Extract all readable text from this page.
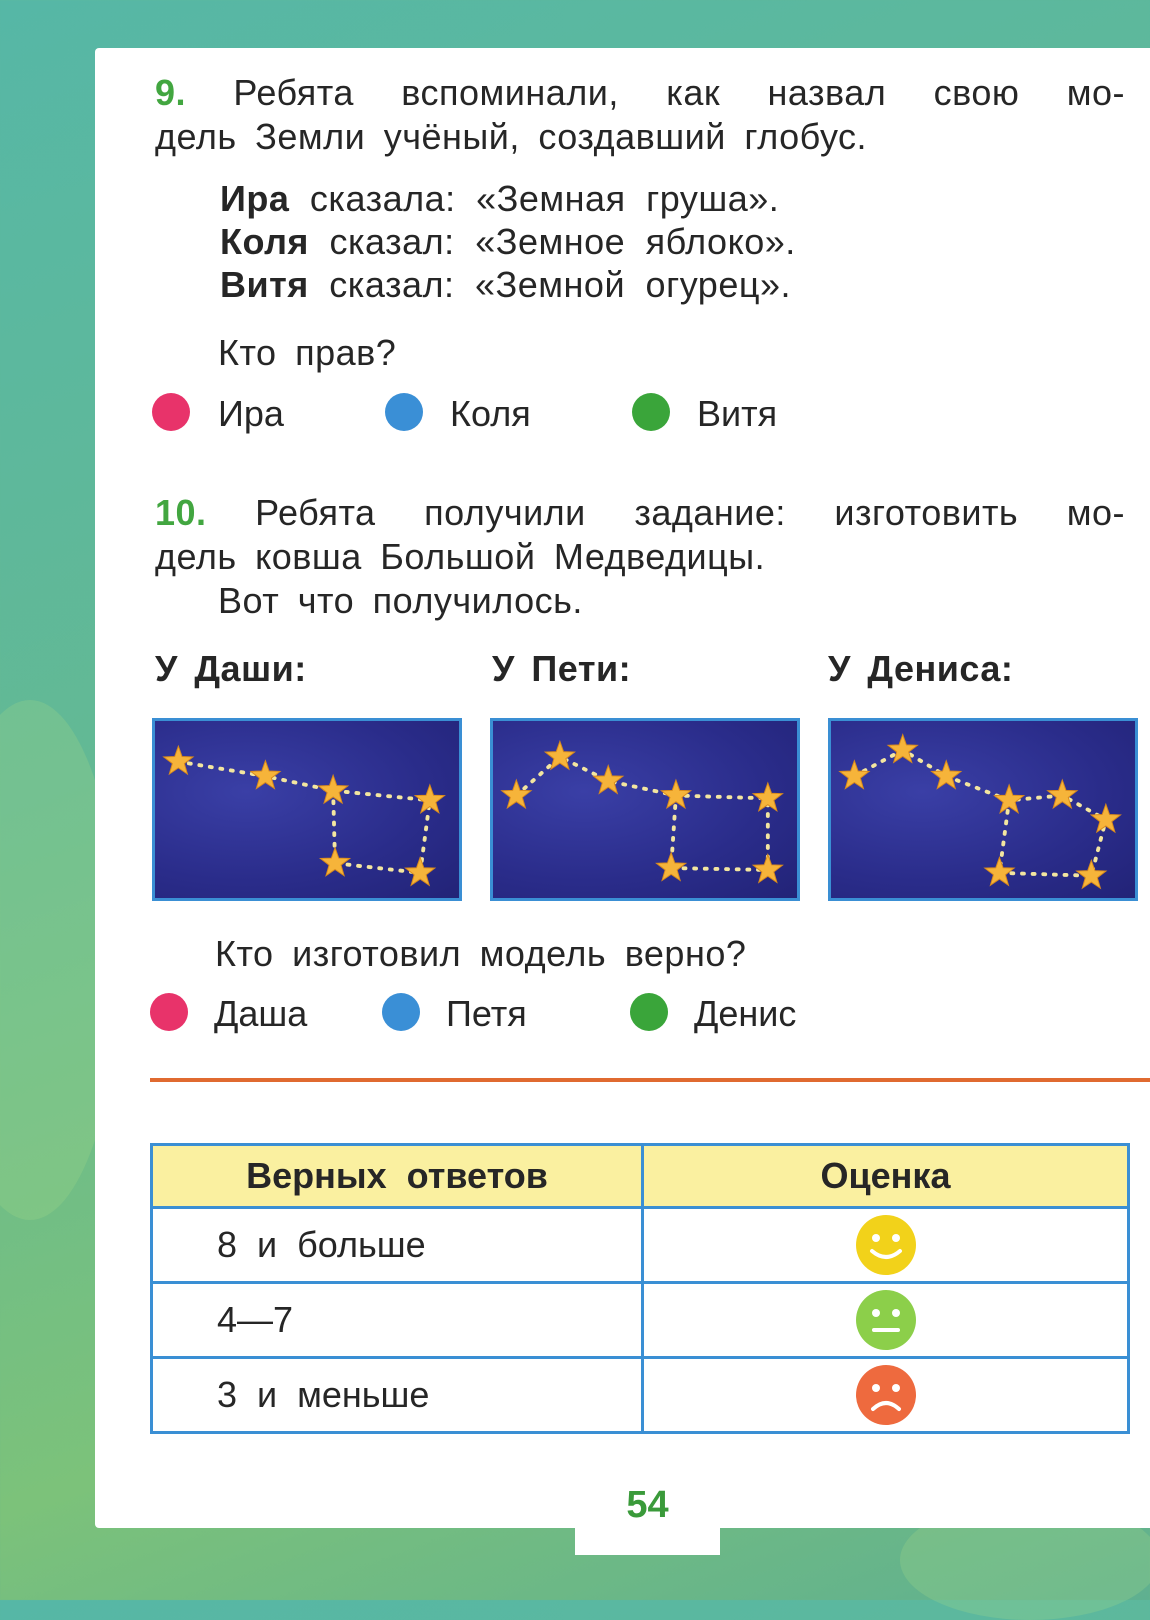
9. Ребята вспоминали, как назвал свою мо-
дель Земли учёный, создавший глобус.
Ира сказала: «Земная груша».
Коля сказал: «Земное яблоко».
Витя сказал: «Земной огурец».
Кто прав?
Ира	Коля	Витя
10. Ребята получили задание: изготовить мо-
дель ковша Большой Медведицы.
Вот что получилось.
У Даши:	У Пети:	У Дениса:
Кто изготовил модель верно?
Даша	Петя	Денис
Верных ответов	Оценка
8 и больше	
4—7	
3 и меньше	
54
